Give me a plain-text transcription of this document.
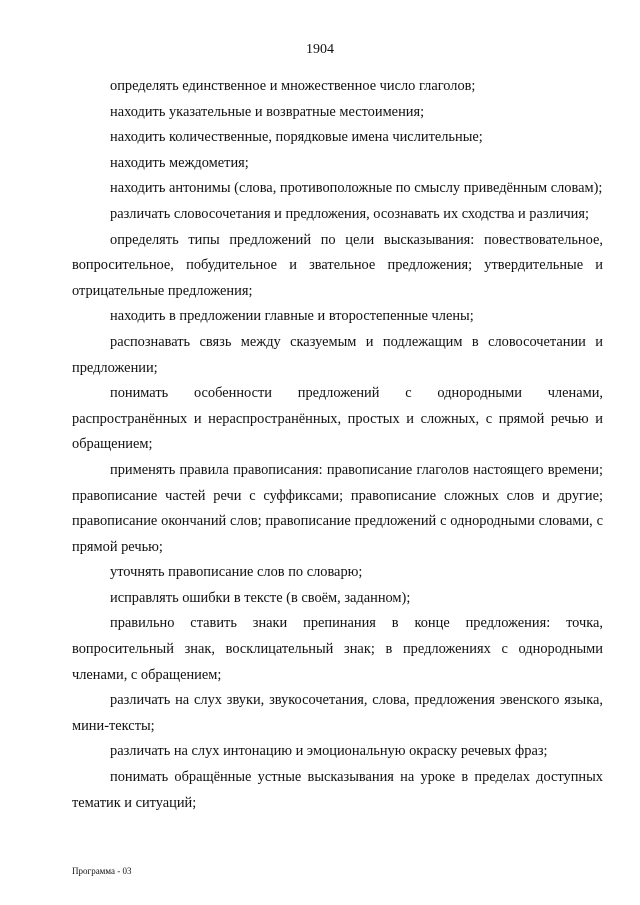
1904

определять единственное и множественное число глаголов;

находить указательные и возвратные местоимения;

находить количественные, порядковые имена числительные;

находить междометия;

находить антонимы (слова, противоположные по смыслу приведённым словам);

различать словосочетания и предложения, осознавать их сходства и различия;

определять типы предложений по цели высказывания: повествовательное, вопросительное, побудительное и звательное предложения; утвердительные и отрицательные предложения;

находить в предложении главные и второстепенные члены;

распознавать связь между сказуемым и подлежащим в словосочетании и предложении;

понимать особенности предложений с однородными членами, распространённых и нераспространённых, простых и сложных, с прямой речью и обращением;

применять правила правописания: правописание глаголов настоящего времени; правописание частей речи с суффиксами; правописание сложных слов и другие; правописание окончаний слов; правописание предложений с однородными словами, с прямой речью;

уточнять правописание слов по словарю;

исправлять ошибки в тексте (в своём, заданном);

правильно ставить знаки препинания в конце предложения: точка, вопросительный знак, восклицательный знак; в предложениях с однородными членами, с обращением;

различать на слух звуки, звукосочетания, слова, предложения эвенского языка, мини-тексты;

различать на слух интонацию и эмоциональную окраску речевых фраз;

понимать обращённые устные высказывания на уроке в пределах доступных тематик и ситуаций;

Программа - 03
